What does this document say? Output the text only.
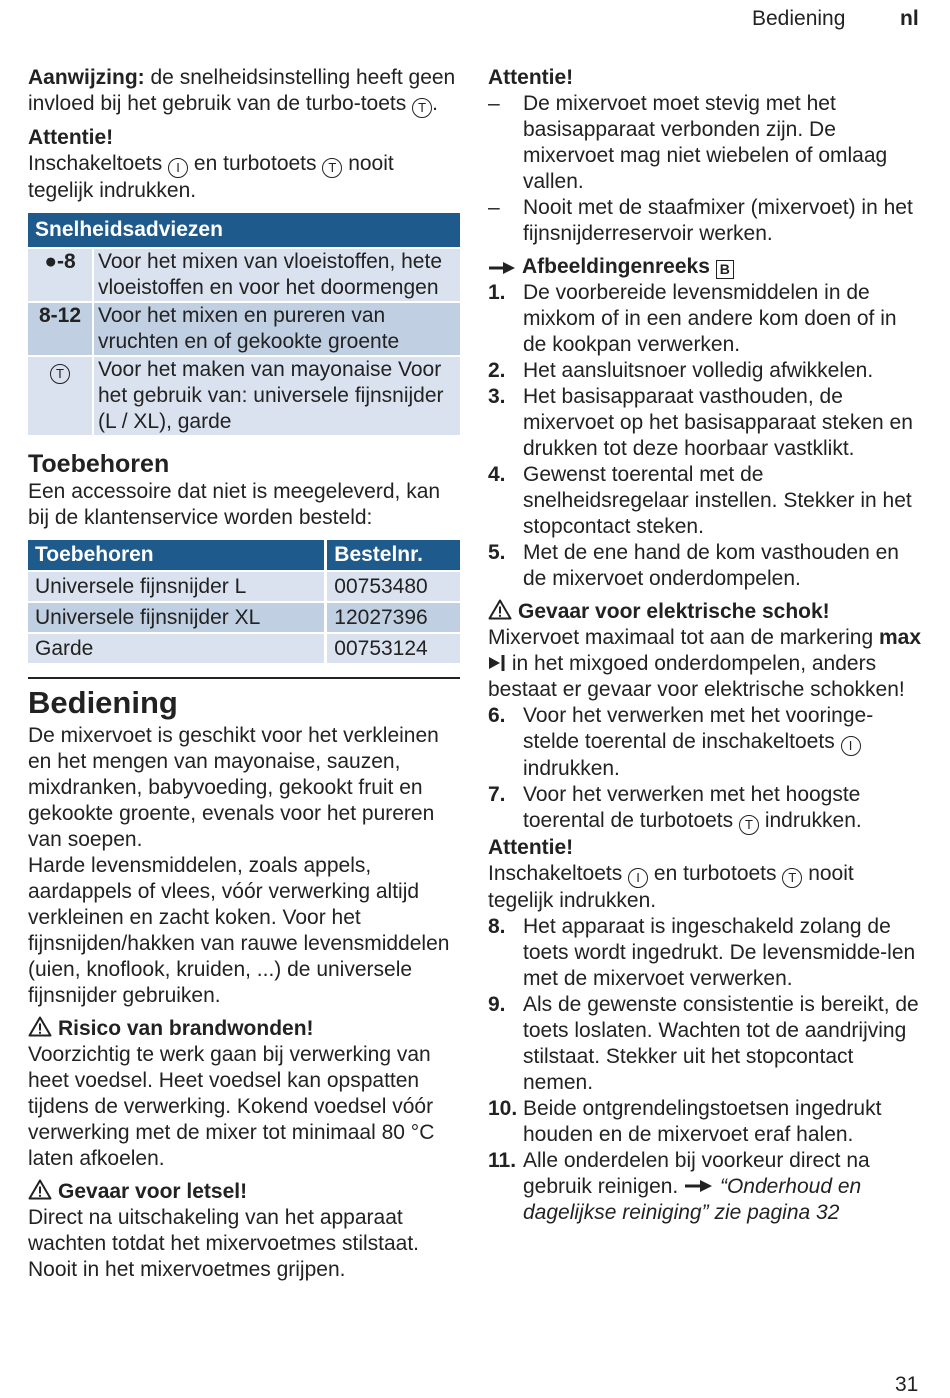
Bediening	nl

Aanwijzing: de snelheidsinstelling heeft geen invloed bij het gebruik van de turbo-toets T .

Attentie!

Inschakeltoets I en turbotoets T nooit tegelijk indrukken.

Snelheidsadviezen	
●-8	Voor het mixen van vloeistoffen, hete vloeistoffen en voor het doormengen
8-12	Voor het mixen en pureren van vruchten en of gekookte groente
T	Voor het maken van mayonaise Voor het gebruik van: universele fijnsnijder (L / XL), garde
Toebehoren

Een accessoire dat niet is meegeleverd, kan bij de klantenservice worden besteld:

Toebehoren	Bestelnr.
Universele fijnsnijder L	00753480
Universele fijnsnijder XL	12027396
Garde	00753124
Bediening

De mixervoet is geschikt voor het verkleinen en het mengen van mayonaise, sauzen, mixdranken, babyvoeding, gekookt fruit en gekookte groente, evenals voor het pureren van soepen.

Harde levensmiddelen, zoals appels, aardappels of vlees, vóór verwerking altijd verkleinen en zacht koken. Voor het fijnsnijden/hakken van rauwe levensmiddelen (uien, knoflook, kruiden, ...) de universele fijnsnijder gebruiken.

Risico van brandwonden!

Voorzichtig te werk gaan bij verwerking van heet voedsel. Heet voedsel kan opspatten tijdens de verwerking. Kokend voedsel vóór verwerking met de mixer tot minimaal 80 °C laten afkoelen.

Gevaar voor letsel!

Direct na uitschakeling van het apparaat wachten totdat het mixervoetmes stilstaat. Nooit in het mixervoetmes grijpen.

Attentie!

–	De mixervoet moet stevig met het basisapparaat verbonden zijn. De mixervoet mag niet wiebelen of omlaag vallen.
–	Nooit met de staafmixer (mixervoet) in het fijnsnijderreservoir werken.

Afbeeldingenreeks B

1. De voorbereide levensmiddelen in de mixkom of in een andere kom doen of in de kookpan verwerken.
2. Het aansluitsnoer volledig afwikkelen.
3. Het basisapparaat vasthouden, de mixervoet op het basisapparaat steken en drukken tot deze hoorbaar vastklikt.
4. Gewenst toerental met de snelheidsregelaar instellen. Stekker in het stopcontact steken.
5. Met de ene hand de kom vasthouden en de mixervoet onderdompelen.

Gevaar voor elektrische schok!

Mixervoet maximaal tot aan de markering max in het mixgoed onderdompelen, anders bestaat er gevaar voor elektrische schokken!

6. Voor het verwerken met het vooringe-stelde toerental de inschakeltoets I indrukken.
7. Voor het verwerken met het hoogste toerental de turbotoets T indrukken.

Attentie!

Inschakeltoets I en turbotoets T nooit tegelijk indrukken.

8. Het apparaat is ingeschakeld zolang de toets wordt ingedrukt. De levensmidde-len met de mixervoet verwerken.
9. Als de gewenste consistentie is bereikt, de toets loslaten. Wachten tot de aandrijving stilstaat. Stekker uit het stopcontact nemen.
10. Beide ontgrendelingstoetsen ingedrukt houden en de mixervoet eraf halen.
11. Alle onderdelen bij voorkeur direct na gebruik reinigen.  “Onderhoud en dagelijkse reiniging” zie pagina 32
31
